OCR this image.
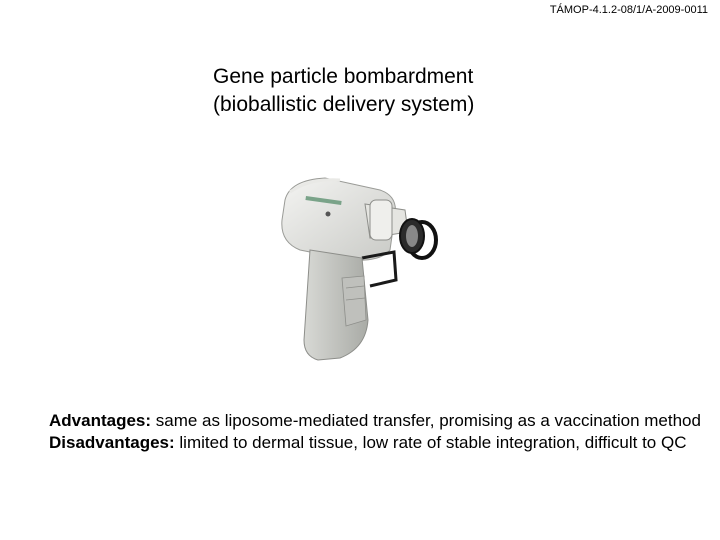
TÁMOP-4.1.2-08/1/A-2009-0011
Gene particle bombardment
(bioballistic delivery system)

Advantages: same as liposome-mediated transfer, promising as a vaccination method

Disadvantages: limited to dermal tissue, low rate of stable integration, difficult to QC
